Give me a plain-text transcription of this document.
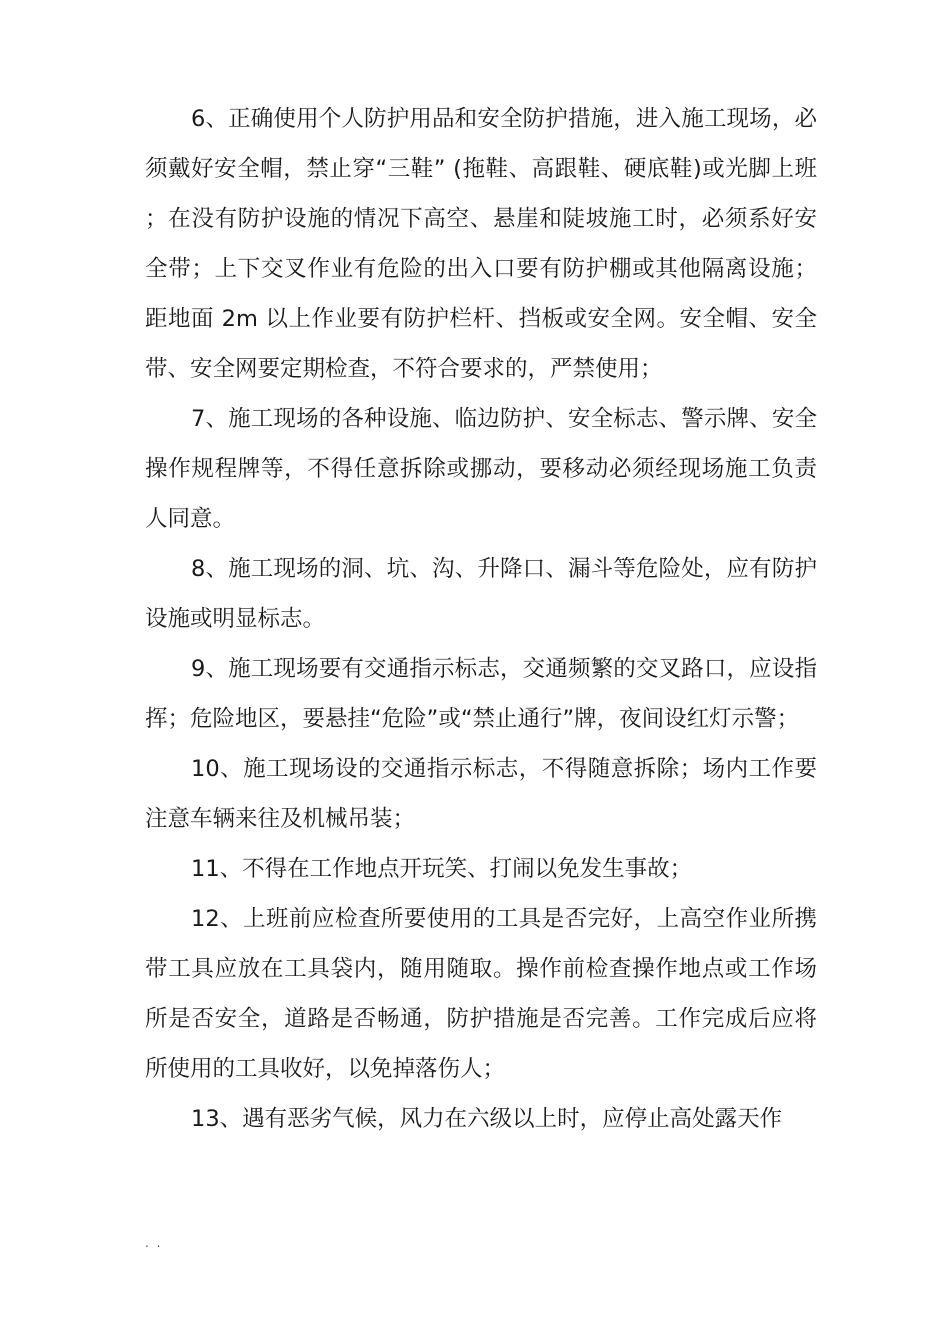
6、正确使用个人防护用品和安全防护措施，进入施工现场，必须戴好安全帽，禁止穿“三鞋” (拖鞋、高跟鞋、硬底鞋)或光脚上班；在没有防护设施的情况下高空、悬崖和陡坡施工时，必须系好安全带；上下交叉作业有危险的出入口要有防护棚或其他隔离设施；距地面 2m 以上作业要有防护栏杆、挡板或安全网。安全帽、安全带、安全网要定期检查，不符合要求的，严禁使用；

7、施工现场的各种设施、临边防护、安全标志、警示牌、安全操作规程牌等，不得任意拆除或挪动，要移动必须经现场施工负责人同意。

8、施工现场的洞、坑、沟、升降口、漏斗等危险处，应有防护设施或明显标志。

9、施工现场要有交通指示标志，交通频繁的交叉路口，应设指挥；危险地区，要悬挂“危险”或“禁止通行”牌，夜间设红灯示警；

10、施工现场设的交通指示标志，不得随意拆除；场内工作要注意车辆来往及机械吊装；

11、不得在工作地点开玩笑、打闹以免发生事故；

12、上班前应检查所要使用的工具是否完好，上高空作业所携带工具应放在工具袋内，随用随取。操作前检查操作地点或工作场所是否安全，道路是否畅通，防护措施是否完善。工作完成后应将所使用的工具收好，以免掉落伤人；

13、遇有恶劣气候，风力在六级以上时，应停止高处露天作

. .
